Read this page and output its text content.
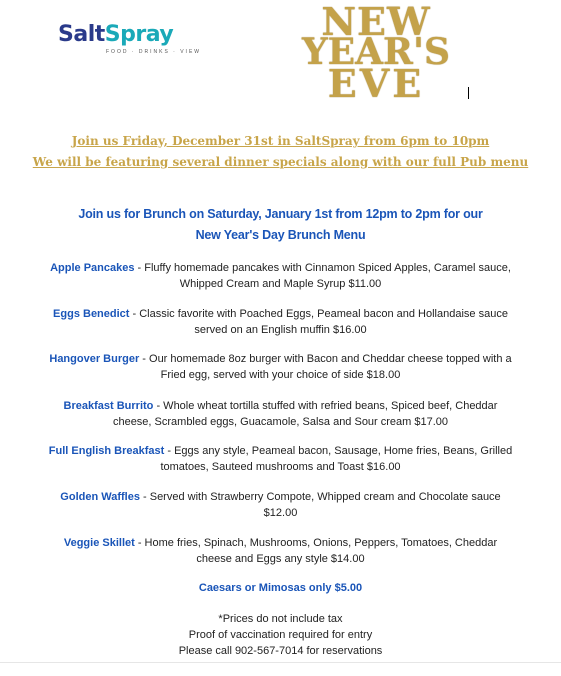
SaltSpray
FOOD · DRINKS · VIEW
NEW
YEAR'S
EVE
Join us Friday, December 31st in SaltSpray from 6pm to 10pm
We will be featuring several dinner specials along with our full Pub menu
Join us for Brunch on Saturday, January 1st from 12pm to 2pm for our
New Year's Day Brunch Menu
Apple Pancakes - Fluffy homemade pancakes with Cinnamon Spiced Apples, Caramel sauce,
Whipped Cream and Maple Syrup $11.00
Eggs Benedict - Classic favorite with Poached Eggs, Peameal bacon and Hollandaise sauce
served on an English muffin $16.00
Hangover Burger - Our homemade 8oz burger with Bacon and Cheddar cheese topped with a
Fried egg, served with your choice of side $18.00
Breakfast Burrito - Whole wheat tortilla stuffed with refried beans, Spiced beef, Cheddar
cheese, Scrambled eggs, Guacamole, Salsa and Sour cream $17.00
Full English Breakfast - Eggs any style, Peameal bacon, Sausage, Home fries, Beans, Grilled
tomatoes, Sauteed mushrooms and Toast $16.00
Golden Waffles - Served with Strawberry Compote, Whipped cream and Chocolate sauce
$12.00
Veggie Skillet - Home fries, Spinach, Mushrooms, Onions, Peppers, Tomatoes, Cheddar
cheese and Eggs any style $14.00
Caesars or Mimosas only $5.00
*Prices do not include tax
Proof of vaccination required for entry
Please call 902-567-7014 for reservations
